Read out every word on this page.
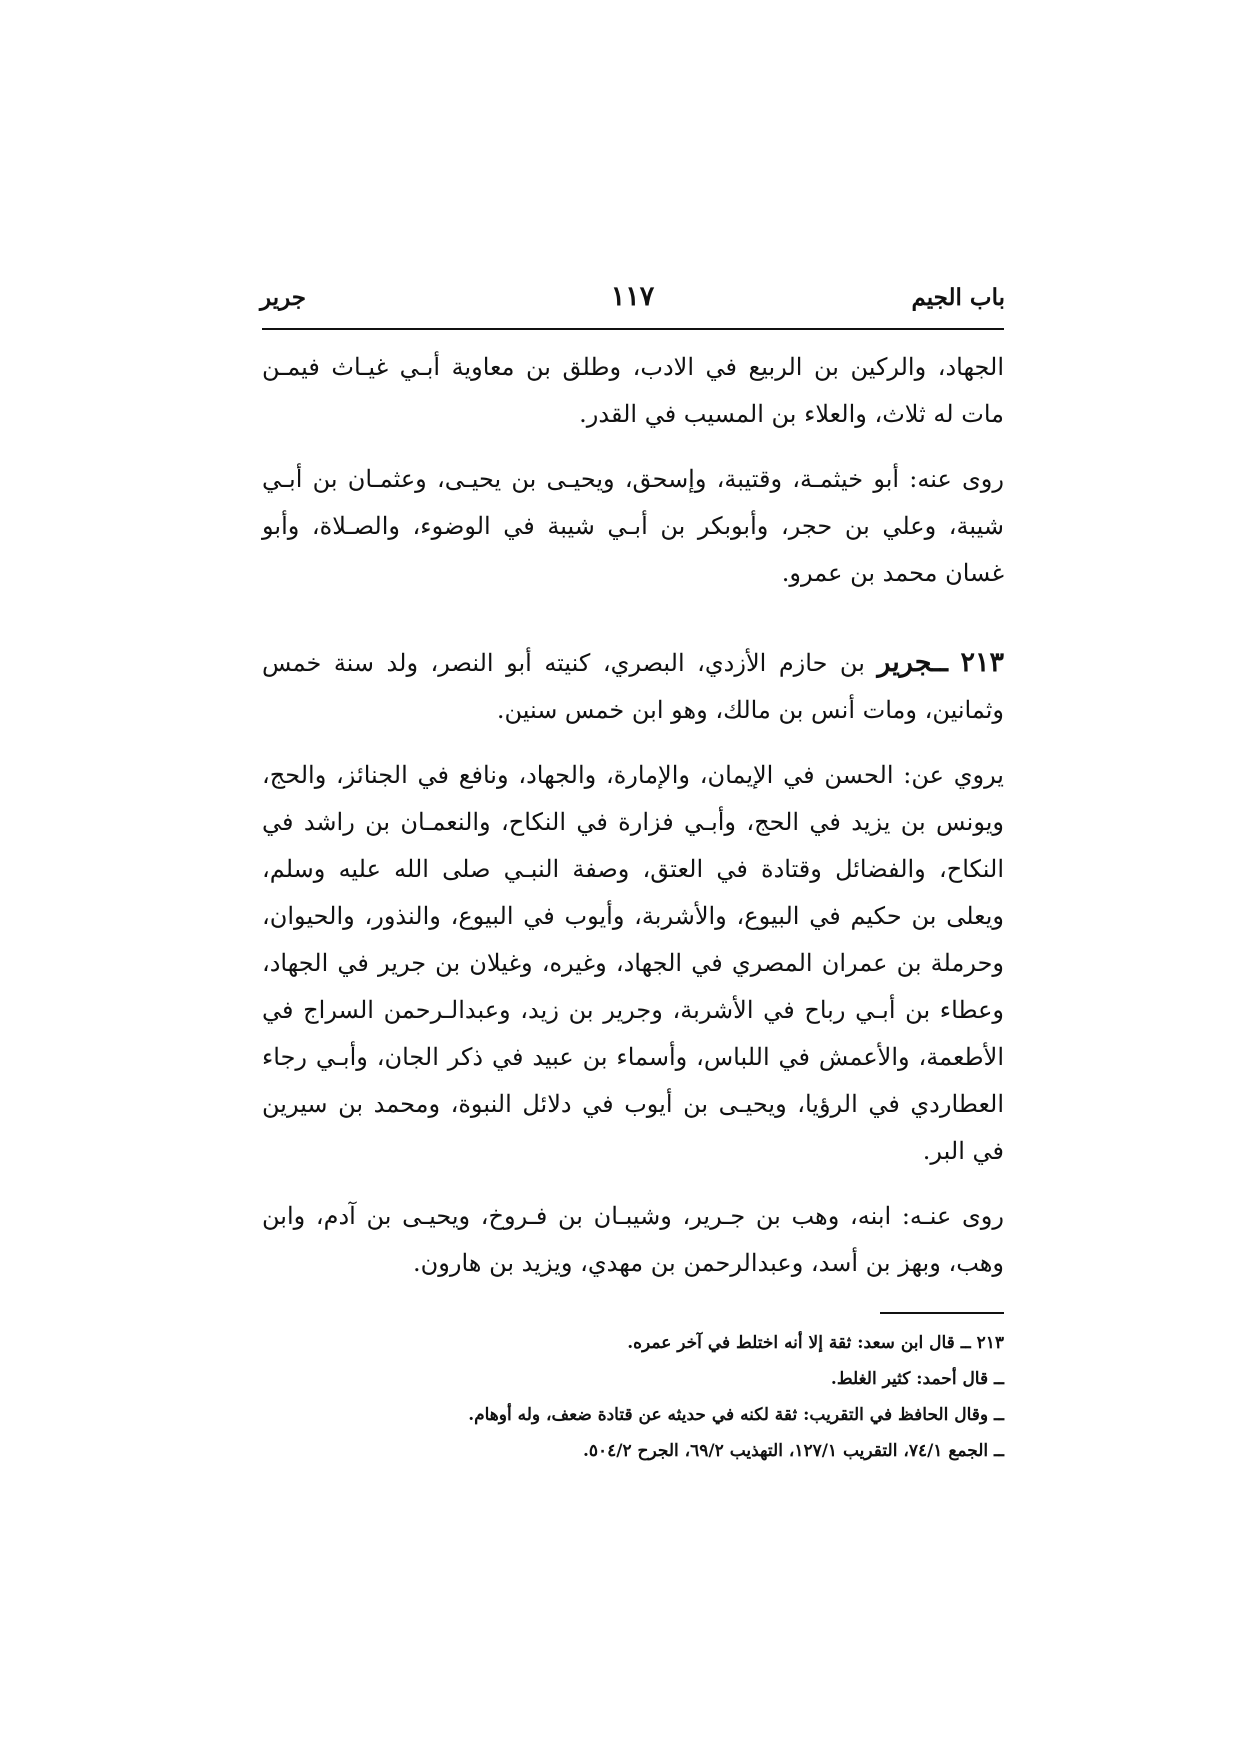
باب الجيم
١١٧
جرير

الجهاد، والركين بن الربيع في الادب، وطلق بن معاوية أبـي غيـاث فيمـن مات له ثلاث، والعلاء بن المسيب في القدر.

روى عنه: أبو خيثمـة، وقتيبة، وإسحق، ويحيـى بن يحيـى، وعثمـان بن أبـي شيبة، وعلي بن حجر، وأبوبكر بن أبـي شيبة في الوضوء، والصـلاة، وأبو غسان محمد بن عمرو.

٢١٣ ــجرير بن حازم الأزدي، البصري، كنيته أبو النصر، ولد سنة خمس وثمانين، ومات أنس بن مالك، وهو ابن خمس سنين.

يروي عن: الحسن في الإيمان، والإمارة، والجهاد، ونافع في الجنائز، والحج، ويونس بن يزيد في الحج، وأبـي فزارة في النكاح، والنعمـان بن راشد في النكاح، والفضائل وقتادة في العتق، وصفة النبـي صلى الله عليه وسلم، ويعلى بن حكيم في البيوع، والأشربة، وأيوب في البيوع، والنذور، والحيوان، وحرملة بن عمران المصري في الجهاد، وغيره، وغيلان بن جرير في الجهاد، وعطاء بن أبـي رباح في الأشربة، وجرير بن زيد، وعبدالـرحمن السراج في الأطعمة، والأعمش في اللباس، وأسماء بن عبيد في ذكر الجان، وأبـي رجاء العطاردي في الرؤيا، ويحيـى بن أيوب في دلائل النبوة، ومحمد بن سيرين في البر.

روى عنـه: ابنه، وهب بن جـرير، وشيبـان بن فـروخ، ويحيـى بن آدم، وابن وهب، وبهز بن أسد، وعبدالرحمن بن مهدي، ويزيد بن هارون.

٢١٣ ــ قال ابن سعد: ثقة إلا أنه اختلط في آخر عمره.
ــ قال أحمد: كثير الغلط.
ــ وقال الحافظ في التقريب: ثقة لكنه في حديثه عن قتادة ضعف، وله أوهام.
ــ الجمع ٧٤/١، التقريب ١٢٧/١، التهذيب ٦٩/٢، الجرح ٥٠٤/٢.
